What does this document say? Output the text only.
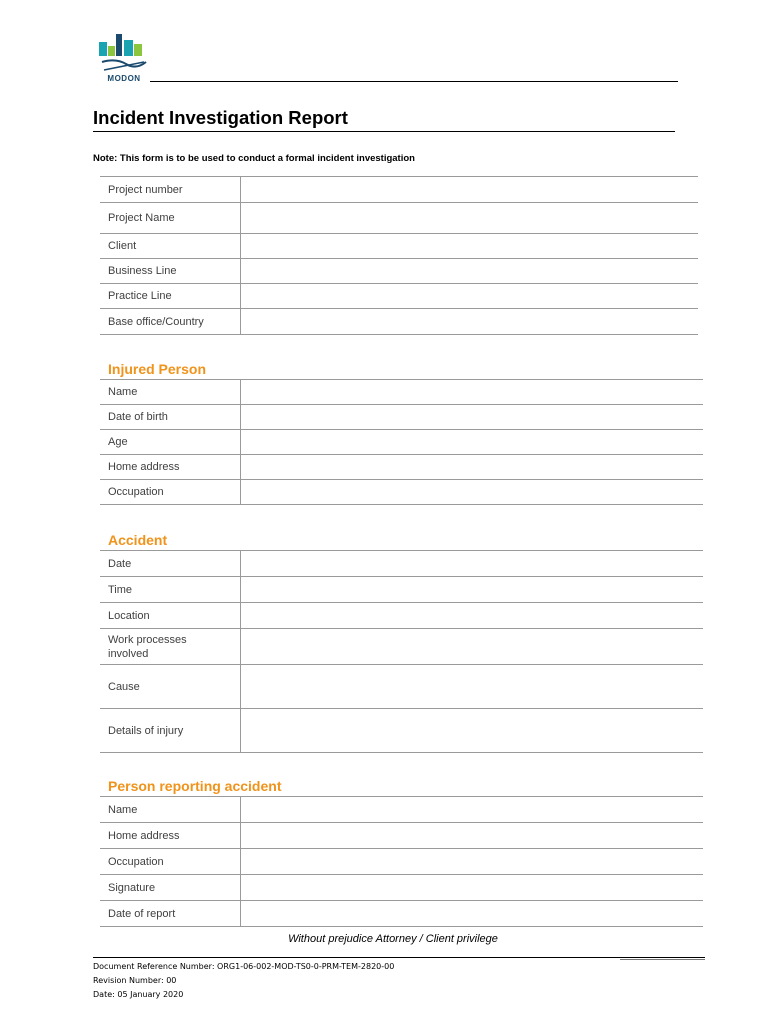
MODON
Incident Investigation Report
Note: This form is to be used to conduct a formal incident investigation
Project number	
Project Name	
Client	
Business Line	
Practice Line	
Base office/Country	
Injured Person
Name	
Date of birth	
Age	
Home address	
Occupation	
Accident
Date	
Time	
Location	
Work processes involved	
Cause	
Details of injury	
Person reporting accident
Name	
Home address	
Occupation	
Signature	
Date of report	
Without prejudice Attorney / Client privilege
Document Reference Number: ORG1-06-002-MOD-TS0-0-PRM-TEM-2820-00
Revision Number: 00
Date: 05 January 2020
